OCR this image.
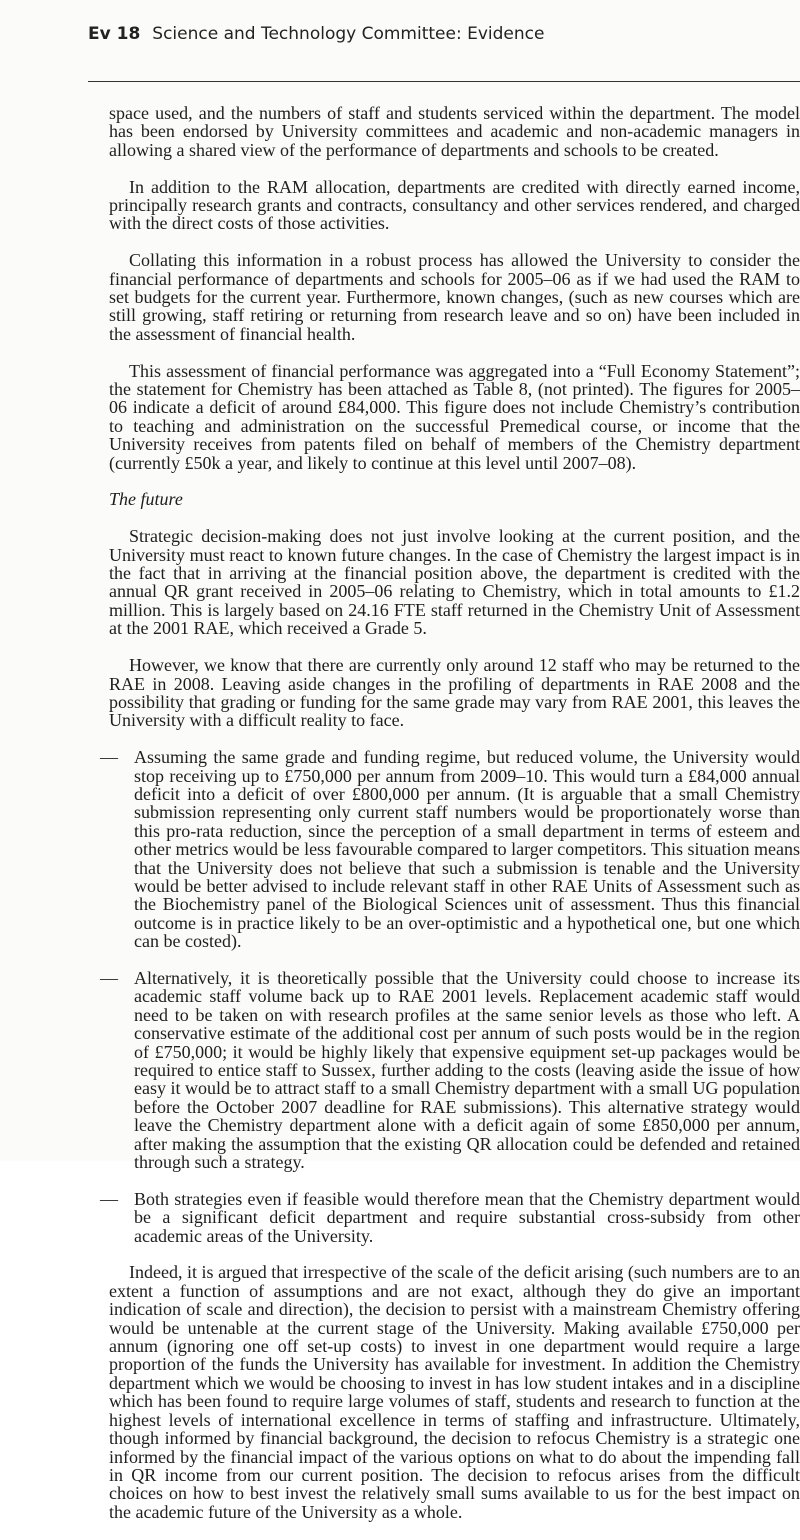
Ev 18 Science and Technology Committee: Evidence

space used, and the numbers of staff and students serviced within the department. The model has been endorsed by University committees and academic and non-academic managers in allowing a shared view of the performance of departments and schools to be created.

In addition to the RAM allocation, departments are credited with directly earned income, principally research grants and contracts, consultancy and other services rendered, and charged with the direct costs of those activities.

Collating this information in a robust process has allowed the University to consider the financial performance of departments and schools for 2005–06 as if we had used the RAM to set budgets for the current year. Furthermore, known changes, (such as new courses which are still growing, staff retiring or returning from research leave and so on) have been included in the assessment of financial health.

This assessment of financial performance was aggregated into a “Full Economy Statement”; the statement for Chemistry has been attached as Table 8, (not printed). The figures for 2005–06 indicate a deficit of around £84,000. This figure does not include Chemistry’s contribution to teaching and administration on the successful Premedical course, or income that the University receives from patents filed on behalf of members of the Chemistry department (currently £50k a year, and likely to continue at this level until 2007–08).

The future

Strategic decision-making does not just involve looking at the current position, and the University must react to known future changes. In the case of Chemistry the largest impact is in the fact that in arriving at the financial position above, the department is credited with the annual QR grant received in 2005–06 relating to Chemistry, which in total amounts to £1.2 million. This is largely based on 24.16 FTE staff returned in the Chemistry Unit of Assessment at the 2001 RAE, which received a Grade 5.

However, we know that there are currently only around 12 staff who may be returned to the RAE in 2008. Leaving aside changes in the profiling of departments in RAE 2008 and the possibility that grading or funding for the same grade may vary from RAE 2001, this leaves the University with a difficult reality to face.

— Assuming the same grade and funding regime, but reduced volume, the University would stop receiving up to £750,000 per annum from 2009–10. This would turn a £84,000 annual deficit into a deficit of over £800,000 per annum. (It is arguable that a small Chemistry submission representing only current staff numbers would be proportionately worse than this pro-rata reduction, since the perception of a small department in terms of esteem and other metrics would be less favourable compared to larger competitors. This situation means that the University does not believe that such a submission is tenable and the University would be better advised to include relevant staff in other RAE Units of Assessment such as the Biochemistry panel of the Biological Sciences unit of assessment. Thus this financial outcome is in practice likely to be an over-optimistic and a hypothetical one, but one which can be costed).
— Alternatively, it is theoretically possible that the University could choose to increase its academic staff volume back up to RAE 2001 levels. Replacement academic staff would need to be taken on with research profiles at the same senior levels as those who left. A conservative estimate of the additional cost per annum of such posts would be in the region of £750,000; it would be highly likely that expensive equipment set-up packages would be required to entice staff to Sussex, further adding to the costs (leaving aside the issue of how easy it would be to attract staff to a small Chemistry department with a small UG population before the October 2007 deadline for RAE submissions). This alternative strategy would leave the Chemistry department alone with a deficit again of some £850,000 per annum, after making the assumption that the existing QR allocation could be defended and retained through such a strategy.
— Both strategies even if feasible would therefore mean that the Chemistry department would be a significant deficit department and require substantial cross-subsidy from other academic areas of the University.

Indeed, it is argued that irrespective of the scale of the deficit arising (such numbers are to an extent a function of assumptions and are not exact, although they do give an important indication of scale and direction), the decision to persist with a mainstream Chemistry offering would be untenable at the current stage of the University. Making available £750,000 per annum (ignoring one off set-up costs) to invest in one department would require a large proportion of the funds the University has available for investment. In addition the Chemistry department which we would be choosing to invest in has low student intakes and in a discipline which has been found to require large volumes of staff, students and research to function at the highest levels of international excellence in terms of staffing and infrastructure. Ultimately, though informed by financial background, the decision to refocus Chemistry is a strategic one informed by the financial impact of the various options on what to do about the impending fall in QR income from our current position. The decision to refocus arises from the difficult choices on how to best invest the relatively small sums available to us for the best impact on the academic future of the University as a whole.
